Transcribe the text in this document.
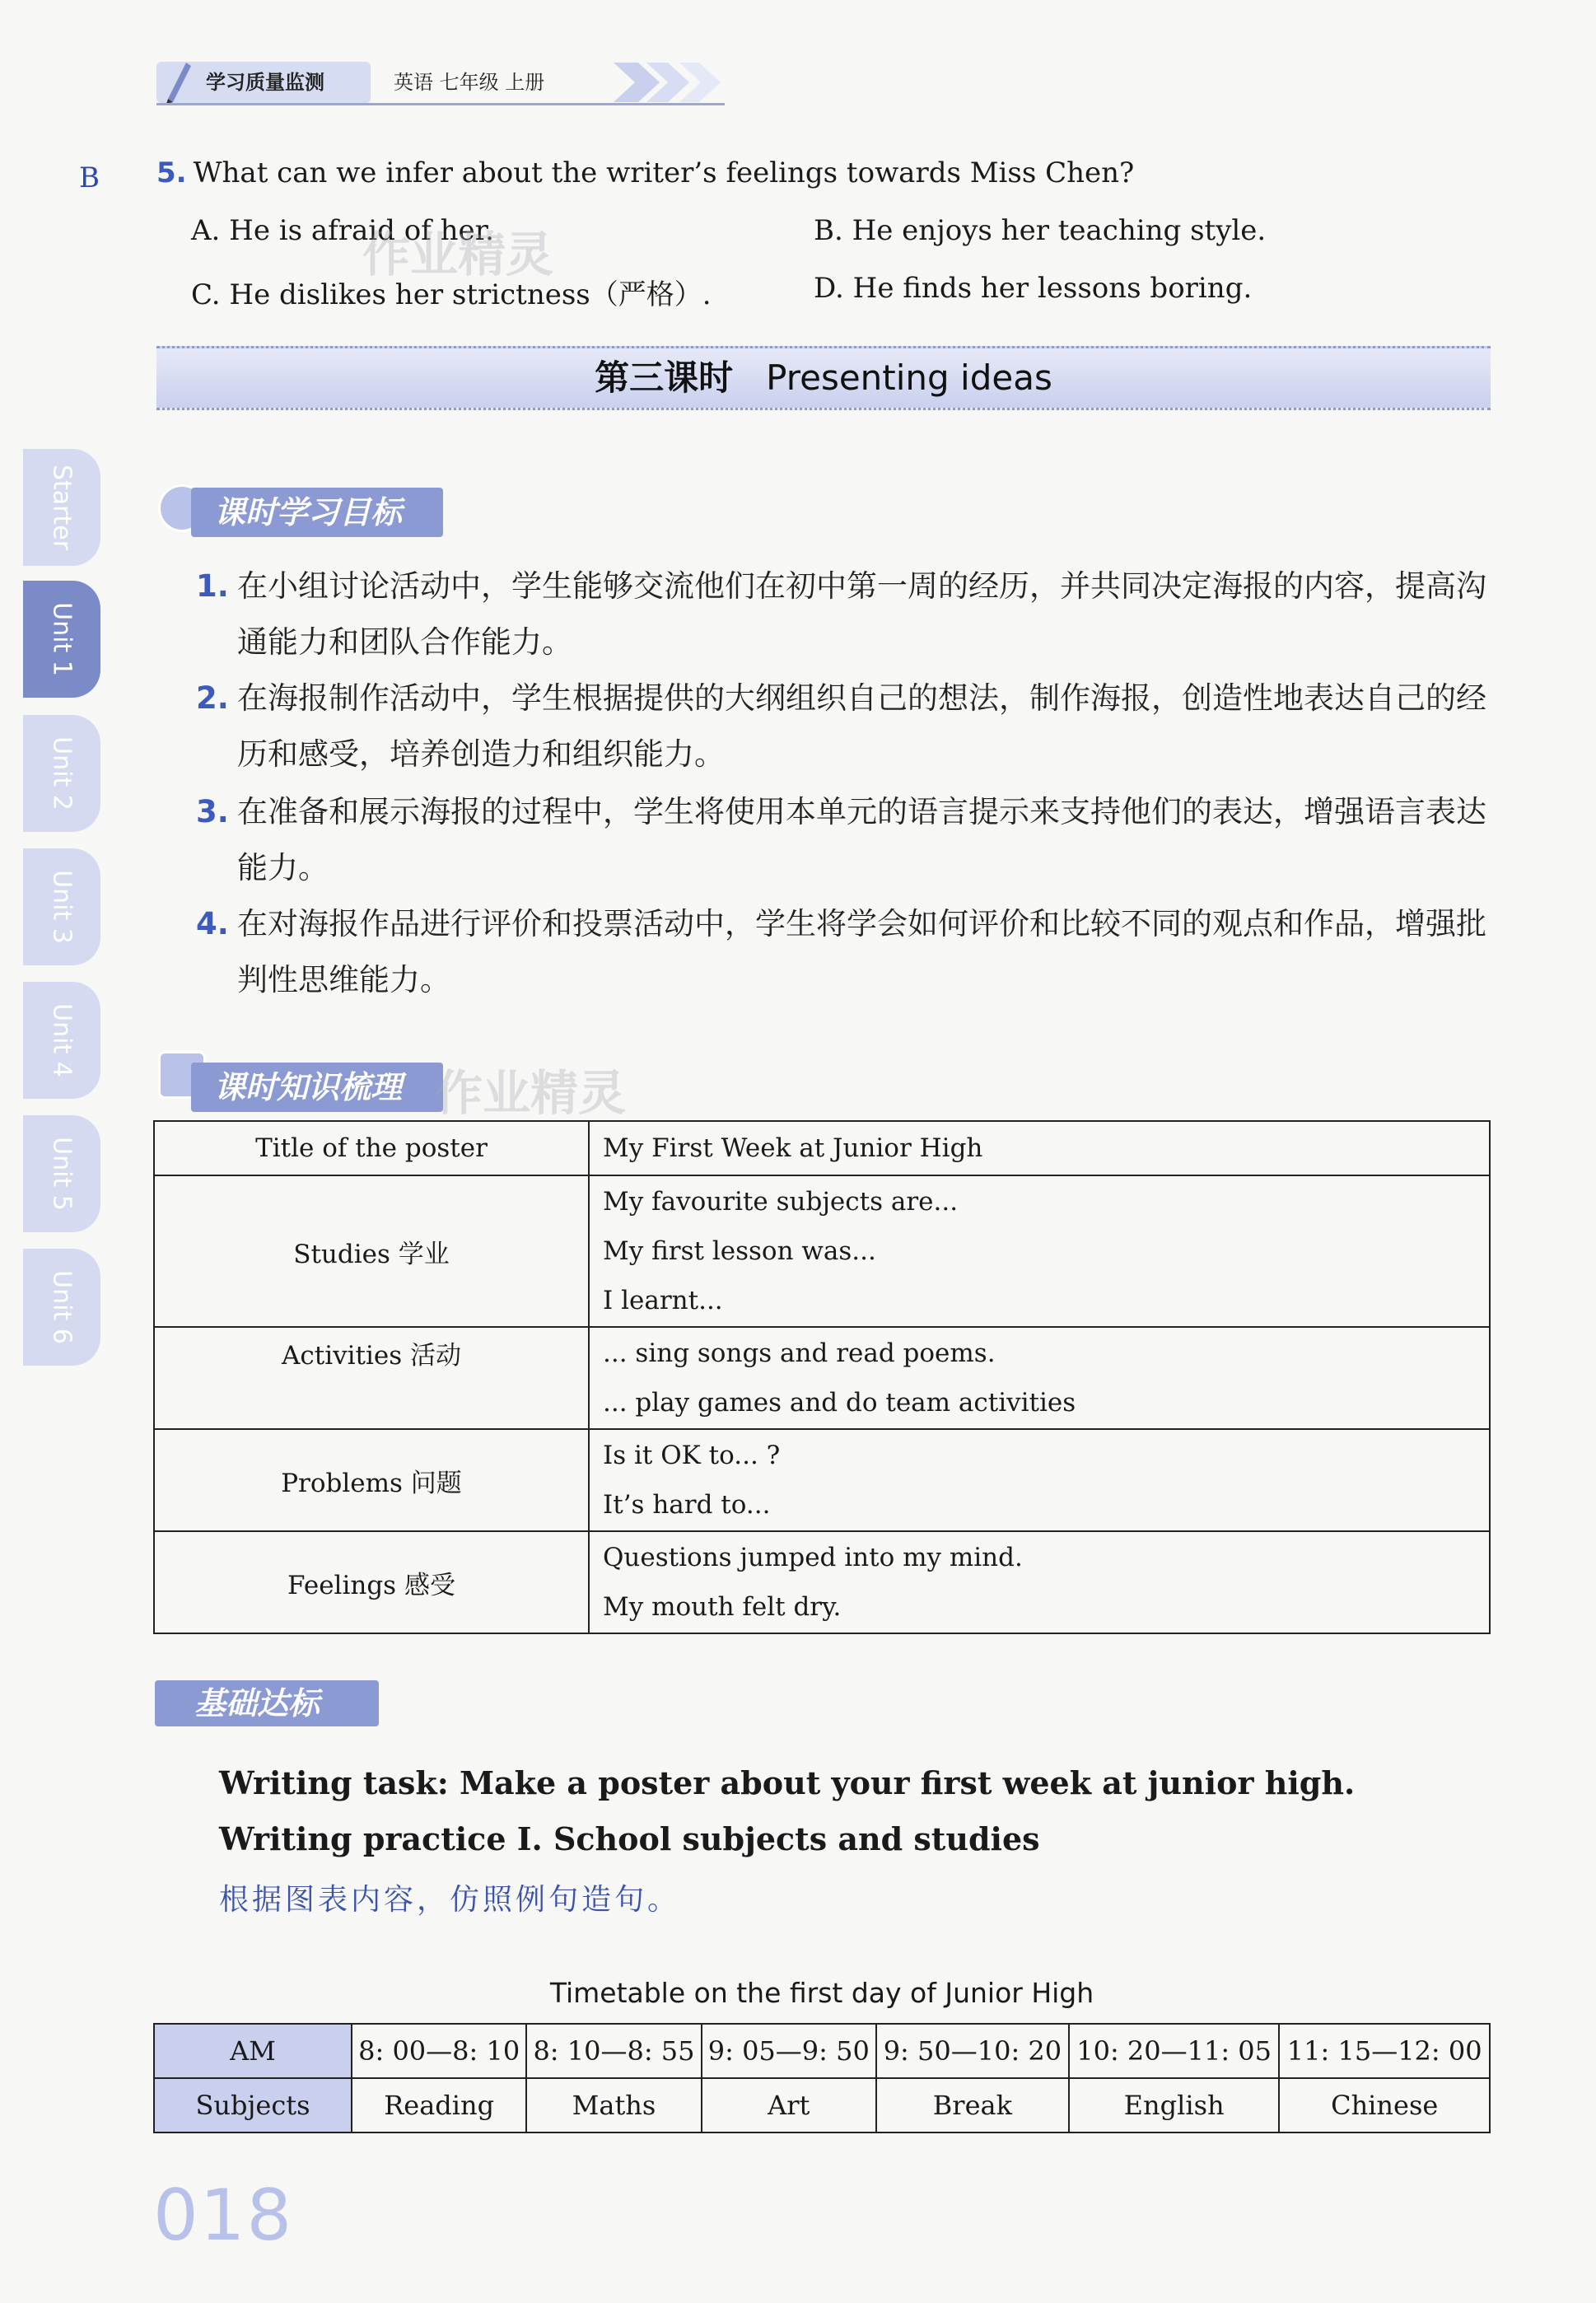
学习质量监测	英语 七年级 上册
B 5. What can we infer about the writer’s feelings towards Miss Chen?
A. He is afraid of her.	B. He enjoys her teaching style.
C. He dislikes her strictness（严格）.	D. He finds her lessons boring.
作业精灵
第三课时 Presenting ideas
Starter
Unit 1
Unit 2
Unit 3
Unit 4
Unit 5
Unit 6
课时学习目标
1. 在小组讨论活动中，学生能够交流他们在初中第一周的经历，并共同决定海报的内容，提高沟通能力和团队合作能力。
2. 在海报制作活动中，学生根据提供的大纲组织自己的想法，制作海报，创造性地表达自己的经历和感受，培养创造力和组织能力。
3. 在准备和展示海报的过程中，学生将使用本单元的语言提示来支持他们的表达，增强语言表达能力。
4. 在对海报作品进行评价和投票活动中，学生将学会如何评价和比较不同的观点和作品，增强批判性思维能力。
课时知识梳理 作业精灵
Title of the poster	My First Week at Junior High

Studies 学业	My favourite subjects are...
My first lesson was...
I learnt...

Activities 活动	... sing songs and read poems.
... play games and do team activities

Problems 问题	Is it OK to... ?
It’s hard to...

Feelings 感受	Questions jumped into my mind.
My mouth felt dry.
基础达标
Writing task: Make a poster about your first week at junior high.
Writing practice I. School subjects and studies
根据图表内容，仿照例句造句。
Timetable on the first day of Junior High
AM	8: 00—8: 10	8: 10—8: 55	9: 05—9: 50	9: 50—10: 20	10: 20—11: 05	11: 15—12: 00
Subjects	Reading	Maths	Art	Break	English	Chinese
018
